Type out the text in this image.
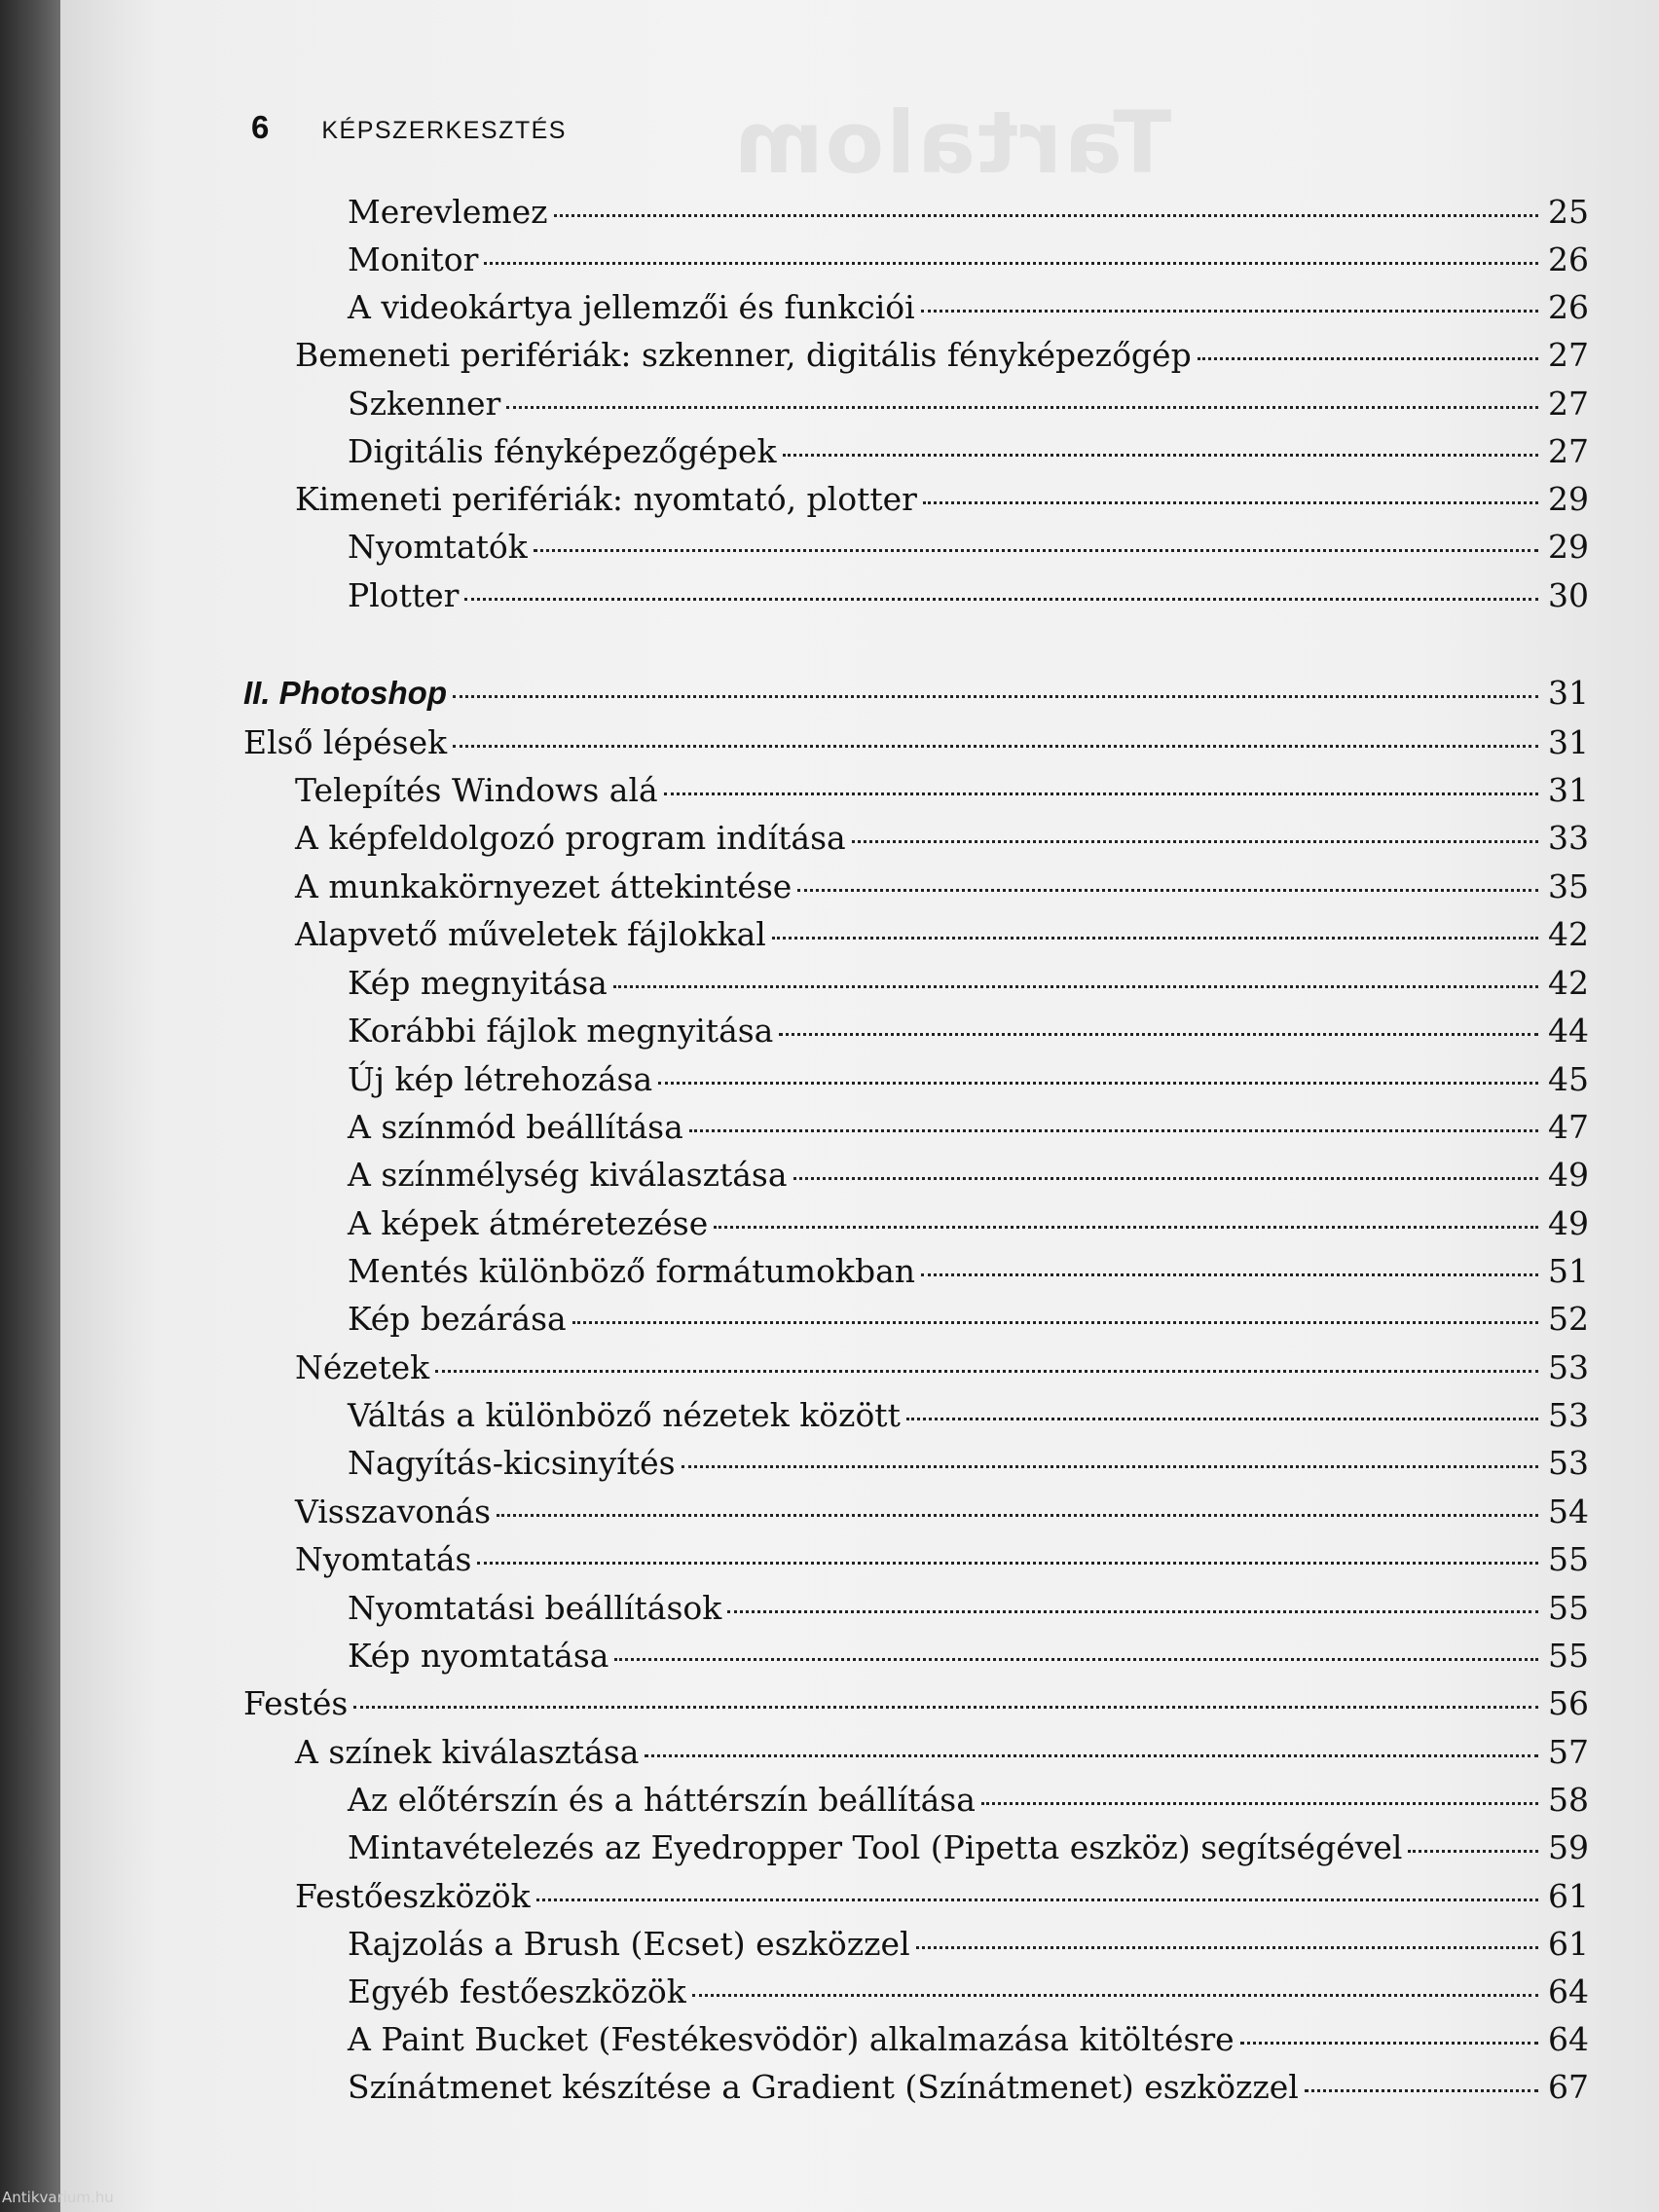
Tartalom
6 KÉPSZERKESZTÉS
Merevlemez	25
Monitor	26
A videokártya jellemzői és funkciói	26
Bemeneti perifériák: szkenner, digitális fényképezőgép	27
Szkenner	27
Digitális fényképezőgépek	27
Kimeneti perifériák: nyomtató, plotter	29
Nyomtatók	29
Plotter	30
II. Photoshop	31
Első lépések	31
Telepítés Windows alá	31
A képfeldolgozó program indítása	33
A munkakörnyezet áttekintése	35
Alapvető műveletek fájlokkal	42
Kép megnyitása	42
Korábbi fájlok megnyitása	44
Új kép létrehozása	45
A színmód beállítása	47
A színmélység kiválasztása	49
A képek átméretezése	49
Mentés különböző formátumokban	51
Kép bezárása	52
Nézetek	53
Váltás a különböző nézetek között	53
Nagyítás-kicsinyítés	53
Visszavonás	54
Nyomtatás	55
Nyomtatási beállítások	55
Kép nyomtatása	55
Festés	56
A színek kiválasztása	57
Az előtérszín és a háttérszín beállítása	58
Mintavételezés az Eyedropper Tool (Pipetta eszköz) segítségével	59
Festőeszközök	61
Rajzolás a Brush (Ecset) eszközzel	61
Egyéb festőeszközök	64
A Paint Bucket (Festékesvödör) alkalmazása kitöltésre	64
Színátmenet készítése a Gradient (Színátmenet) eszközzel	67
Antikvarium.hu
